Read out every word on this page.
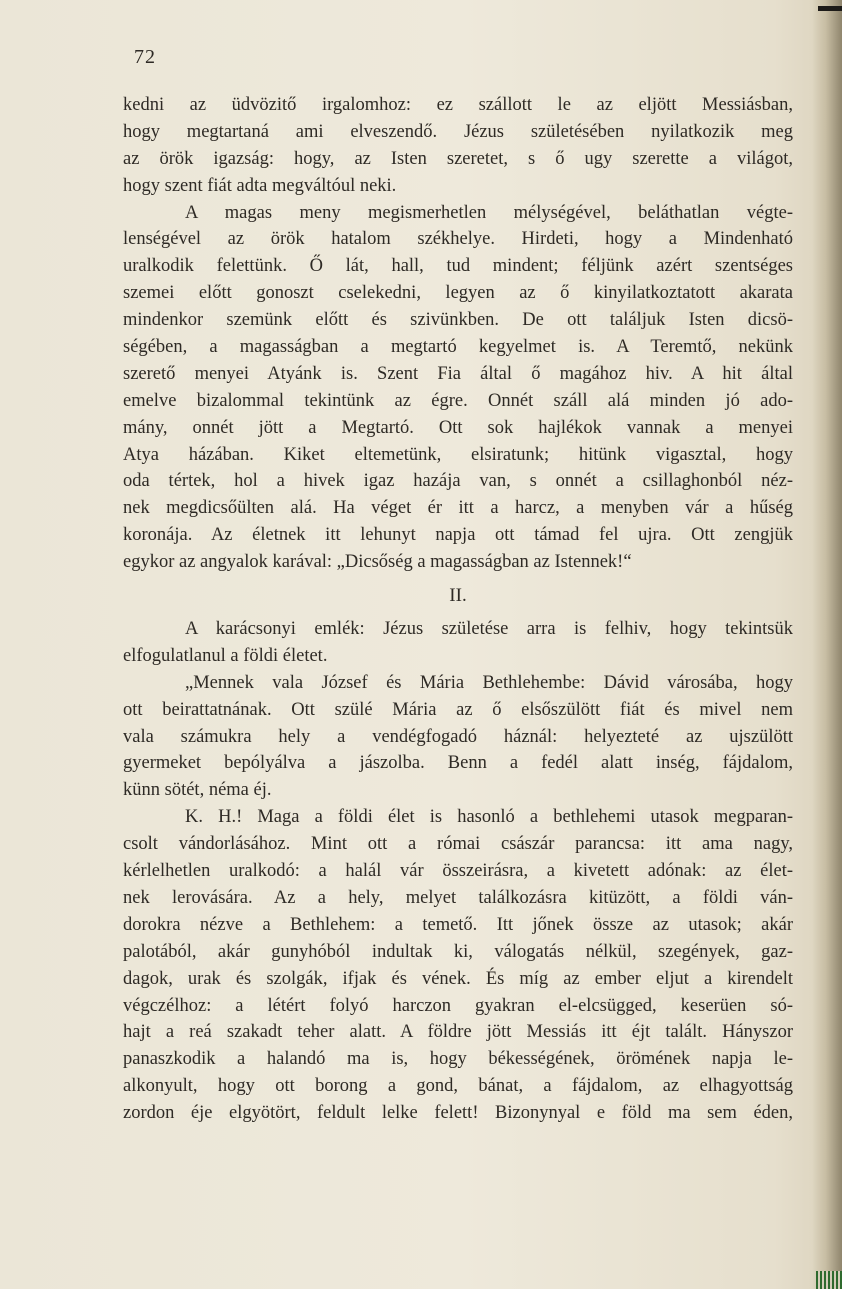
72
kedni az üdvözitő irgalomhoz: ez szállott le az eljött Messiásban,
hogy megtartaná ami elveszendő. Jézus születésében nyilatkozik meg
az örök igazság: hogy, az Isten szeretet, s ő ugy szerette a világot,
hogy szent fiát adta megváltóul neki.
A magas meny megismerhetlen mélységével, beláthatlan végte-
lenségével az örök hatalom székhelye. Hirdeti, hogy a Mindenható
uralkodik felettünk. Ő lát, hall, tud mindent; féljünk azért szentséges
szemei előtt gonoszt cselekedni, legyen az ő kinyilatkoztatott akarata
mindenkor szemünk előtt és szivünkben. De ott találjuk Isten dicsö-
ségében, a magasságban a megtartó kegyelmet is. A Teremtő, nekünk
szerető menyei Atyánk is. Szent Fia által ő magához hiv. A hit által
emelve bizalommal tekintünk az égre. Onnét száll alá minden jó ado-
mány, onnét jött a Megtartó. Ott sok hajlékok vannak a menyei
Atya házában. Kiket eltemetünk, elsiratunk; hitünk vigasztal, hogy
oda tértek, hol a hivek igaz hazája van, s onnét a csillaghonból néz-
nek megdicsőülten alá. Ha véget ér itt a harcz, a menyben vár a hűség
koronája. Az életnek itt lehunyt napja ott támad fel ujra. Ott zengjük
egykor az angyalok karával: „Dicsőség a magasságban az Istennek!“
II.
A karácsonyi emlék: Jézus születése arra is felhiv, hogy tekintsük
elfogulatlanul a földi életet.
„Mennek vala József és Mária Bethlehembe: Dávid városába, hogy
ott beirattatnának. Ott szülé Mária az ő elsőszülött fiát és mivel nem
vala számukra hely a vendégfogadó háznál: helyezteté az ujszülött
gyermeket bepólyálva a jászolba. Benn a fedél alatt inség, fájdalom,
künn sötét, néma éj.
K. H.! Maga a földi élet is hasonló a bethlehemi utasok megparan-
csolt vándorlásához. Mint ott a római császár parancsa: itt ama nagy,
kérlelhetlen uralkodó: a halál vár összeirásra, a kivetett adónak: az élet-
nek lerovására. Az a hely, melyet találkozásra kitüzött, a földi ván-
dorokra nézve a Bethlehem: a temető. Itt jőnek össze az utasok; akár
palotából, akár gunyhóból indultak ki, válogatás nélkül, szegények, gaz-
dagok, urak és szolgák, ifjak és vének. És míg az ember eljut a kirendelt
végczélhoz: a létért folyó harczon gyakran el-elcsügged, keserüen só-
hajt a reá szakadt teher alatt. A földre jött Messiás itt éjt talált. Hányszor
panaszkodik a halandó ma is, hogy békességének, örömének napja le-
alkonyult, hogy ott borong a gond, bánat, a fájdalom, az elhagyottság
zordon éje elgyötört, feldult lelke felett! Bizonynyal e föld ma sem éden,
